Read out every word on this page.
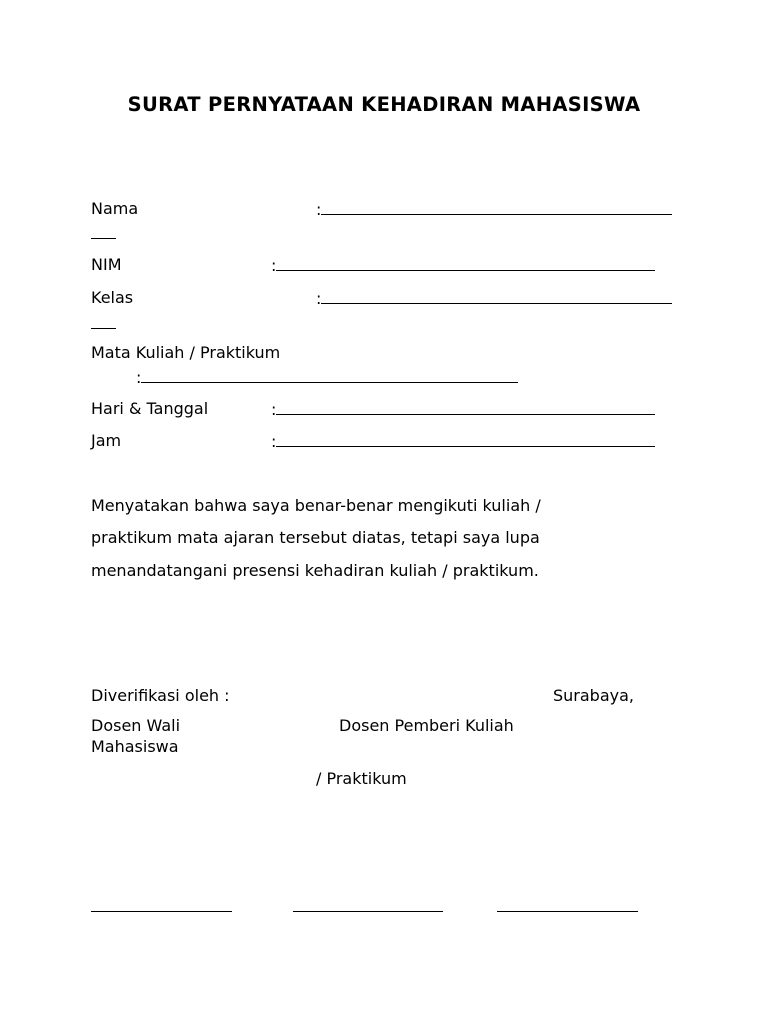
SURAT PERNYATAAN KEHADIRAN MAHASISWA
Nama	:
NIM	:
Kelas	:
Mata Kuliah / Praktikum
:
Hari & Tanggal	:
Jam	:
Menyatakan bahwa saya benar-benar mengikuti kuliah /
praktikum mata ajaran tersebut diatas, tetapi saya lupa
menandatangani presensi kehadiran kuliah / praktikum.
Diverifikasi oleh :	Surabaya,
Dosen Wali
Mahasiswa
Dosen Pemberi Kuliah
/ Praktikum
